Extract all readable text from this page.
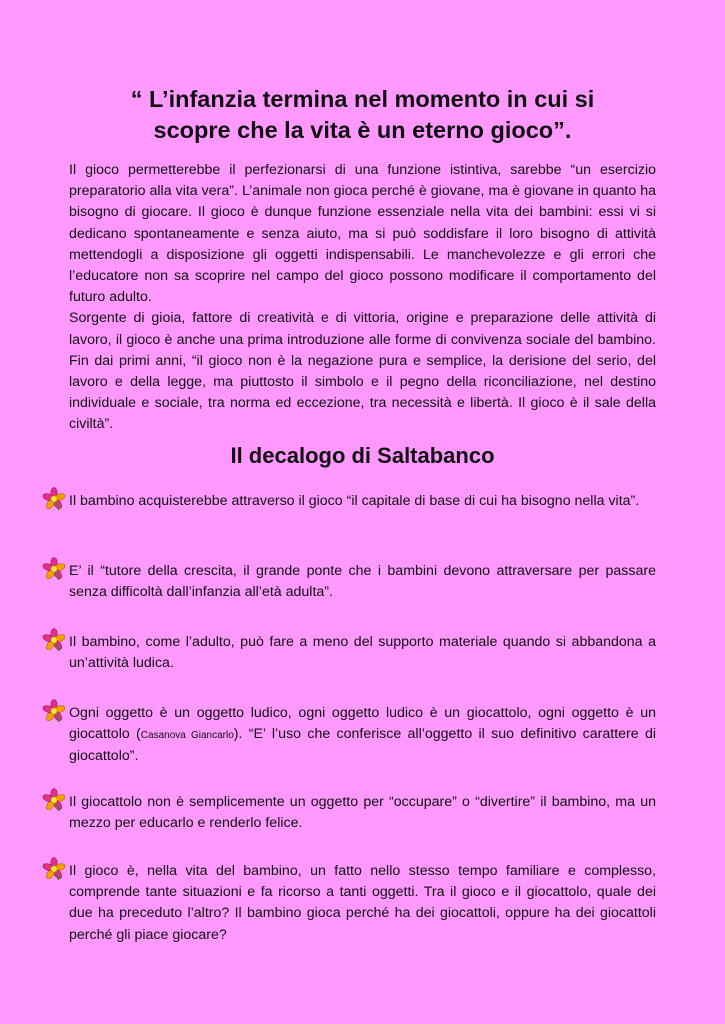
“ L’infanzia termina nel momento in cui si
scopre che la vita è un eterno gioco”.

Il gioco permetterebbe il perfezionarsi di una funzione istintiva, sarebbe “un esercizio preparatorio alla vita vera”. L’animale non gioca perché è giovane, ma è giovane in quanto ha bisogno di giocare. Il gioco è dunque funzione essenziale nella vita dei bambini: essi vi si dedicano spontaneamente e senza aiuto, ma si può soddisfare il loro bisogno di attività mettendogli a disposizione gli oggetti indispensabili. Le manchevolezze e gli errori che l’educatore non sa scoprire nel campo del gioco possono modificare il comportamento del futuro adulto.

Sorgente di gioia, fattore di creatività e di vittoria, origine e preparazione delle attività di lavoro, il gioco è anche una prima introduzione alle forme di convivenza sociale del bambino. Fin dai primi anni, “il gioco non è la negazione pura e semplice, la derisione del serio, del lavoro e della legge, ma piuttosto il simbolo e il pegno della riconciliazione, nel destino individuale e sociale, tra norma ed eccezione, tra necessità e libertà. Il gioco è il sale della civiltà”.

Il decalogo di Saltabanco
Il bambino acquisterebbe attraverso il gioco “il capitale di base di cui ha bisogno nella vita”.
E’ il “tutore della crescita, il grande ponte che i bambini devono attraversare per passare senza difficoltà dall’infanzia all’età adulta”.
Il bambino, come l’adulto, può fare a meno del supporto materiale quando si abbandona a un’attività ludica.
Ogni oggetto è un oggetto ludico, ogni oggetto ludico è un giocattolo, ogni oggetto è un giocattolo (Casanova Giancarlo). “E’ l’uso che conferisce all’oggetto il suo definitivo carattere di giocattolo”.
Il giocattolo non è semplicemente un oggetto per “occupare” o “divertire” il bambino, ma un mezzo per educarlo e renderlo felice.
Il gioco è, nella vita del bambino, un fatto nello stesso tempo familiare e complesso, comprende tante situazioni e fa ricorso a tanti oggetti. Tra il gioco e il giocattolo, quale dei due ha preceduto l’altro? Il bambino gioca perché ha dei giocattoli, oppure ha dei giocattoli perché gli piace giocare?
